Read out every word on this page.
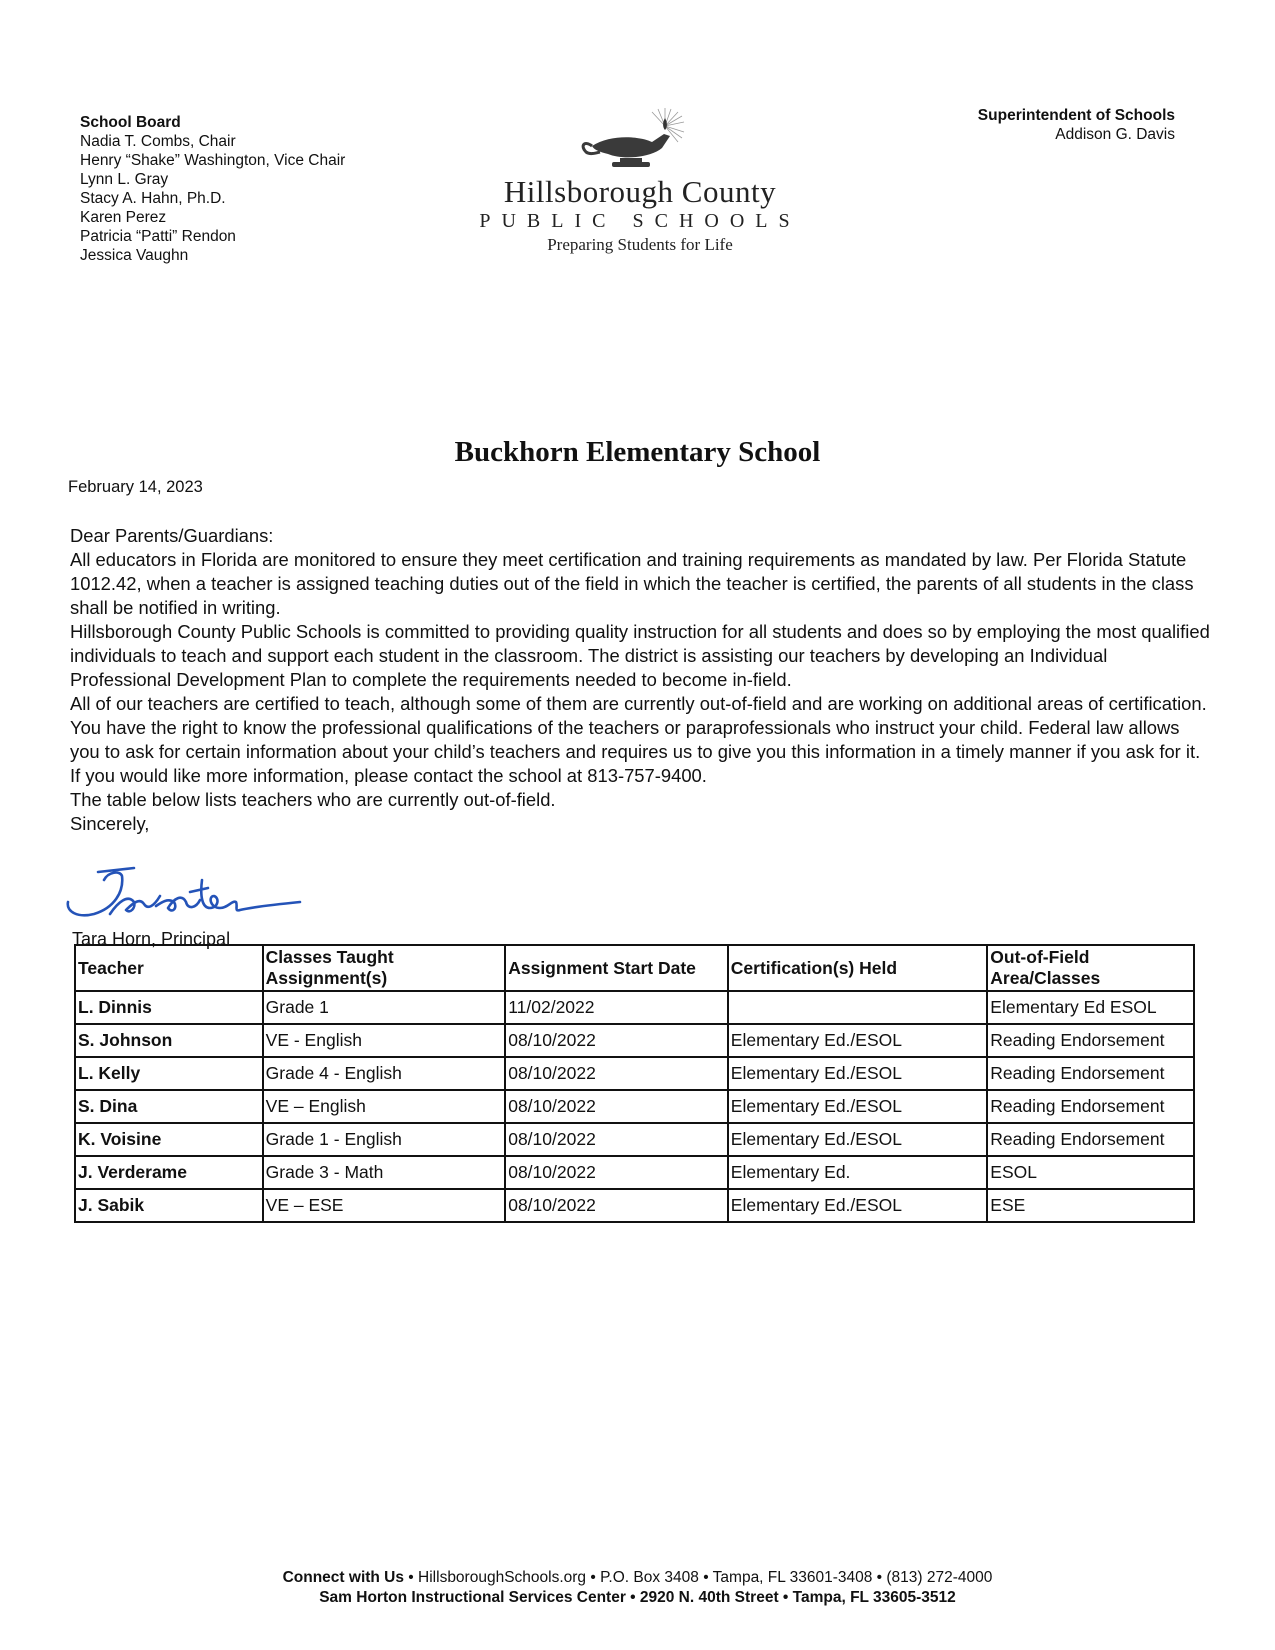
School Board
Nadia T. Combs, Chair
Henry “Shake” Washington, Vice Chair
Lynn L. Gray
Stacy A. Hahn, Ph.D.
Karen Perez
Patricia “Patti” Rendon
Jessica Vaughn
Hillsborough County
PUBLIC SCHOOLS
Preparing Students for Life
Superintendent of Schools
Addison G. Davis
Buckhorn Elementary School
February 14, 2023

Dear Parents/Guardians:

All educators in Florida are monitored to ensure they meet certification and training requirements as mandated by law. Per Florida Statute 1012.42, when a teacher is assigned teaching duties out of the field in which the teacher is certified, the parents of all students in the class shall be notified in writing.

Hillsborough County Public Schools is committed to providing quality instruction for all students and does so by employing the most qualified individuals to teach and support each student in the classroom. The district is assisting our teachers by developing an Individual Professional Development Plan to complete the requirements needed to become in-field.

All of our teachers are certified to teach, although some of them are currently out-of-field and are working on additional areas of certification. You have the right to know the professional qualifications of the teachers or paraprofessionals who instruct your child. Federal law allows you to ask for certain information about your child’s teachers and requires us to give you this information in a timely manner if you ask for it. If you would like more information, please contact the school at 813-757-9400.

The table below lists teachers who are currently out-of-field.

Sincerely,

Tara Horn, Principal
Teacher	Classes Taught Assignment(s)	Assignment Start Date	Certification(s) Held	Out-of-Field Area/Classes
L. Dinnis	Grade 1	11/02/2022		Elementary Ed ESOL
S. Johnson	VE - English	08/10/2022	Elementary Ed./ESOL	Reading Endorsement
L. Kelly	Grade 4 - English	08/10/2022	Elementary Ed./ESOL	Reading Endorsement
S. Dina	VE – English	08/10/2022	Elementary Ed./ESOL	Reading Endorsement
K. Voisine	Grade 1 - English	08/10/2022	Elementary Ed./ESOL	Reading Endorsement
J. Verderame	Grade 3 - Math	08/10/2022	Elementary Ed.	ESOL
J. Sabik	VE – ESE	08/10/2022	Elementary Ed./ESOL	ESE
Connect with Us • HillsboroughSchools.org • P.O. Box 3408 • Tampa, FL 33601-3408 • (813) 272-4000
Sam Horton Instructional Services Center • 2920 N. 40th Street • Tampa, FL 33605-3512
